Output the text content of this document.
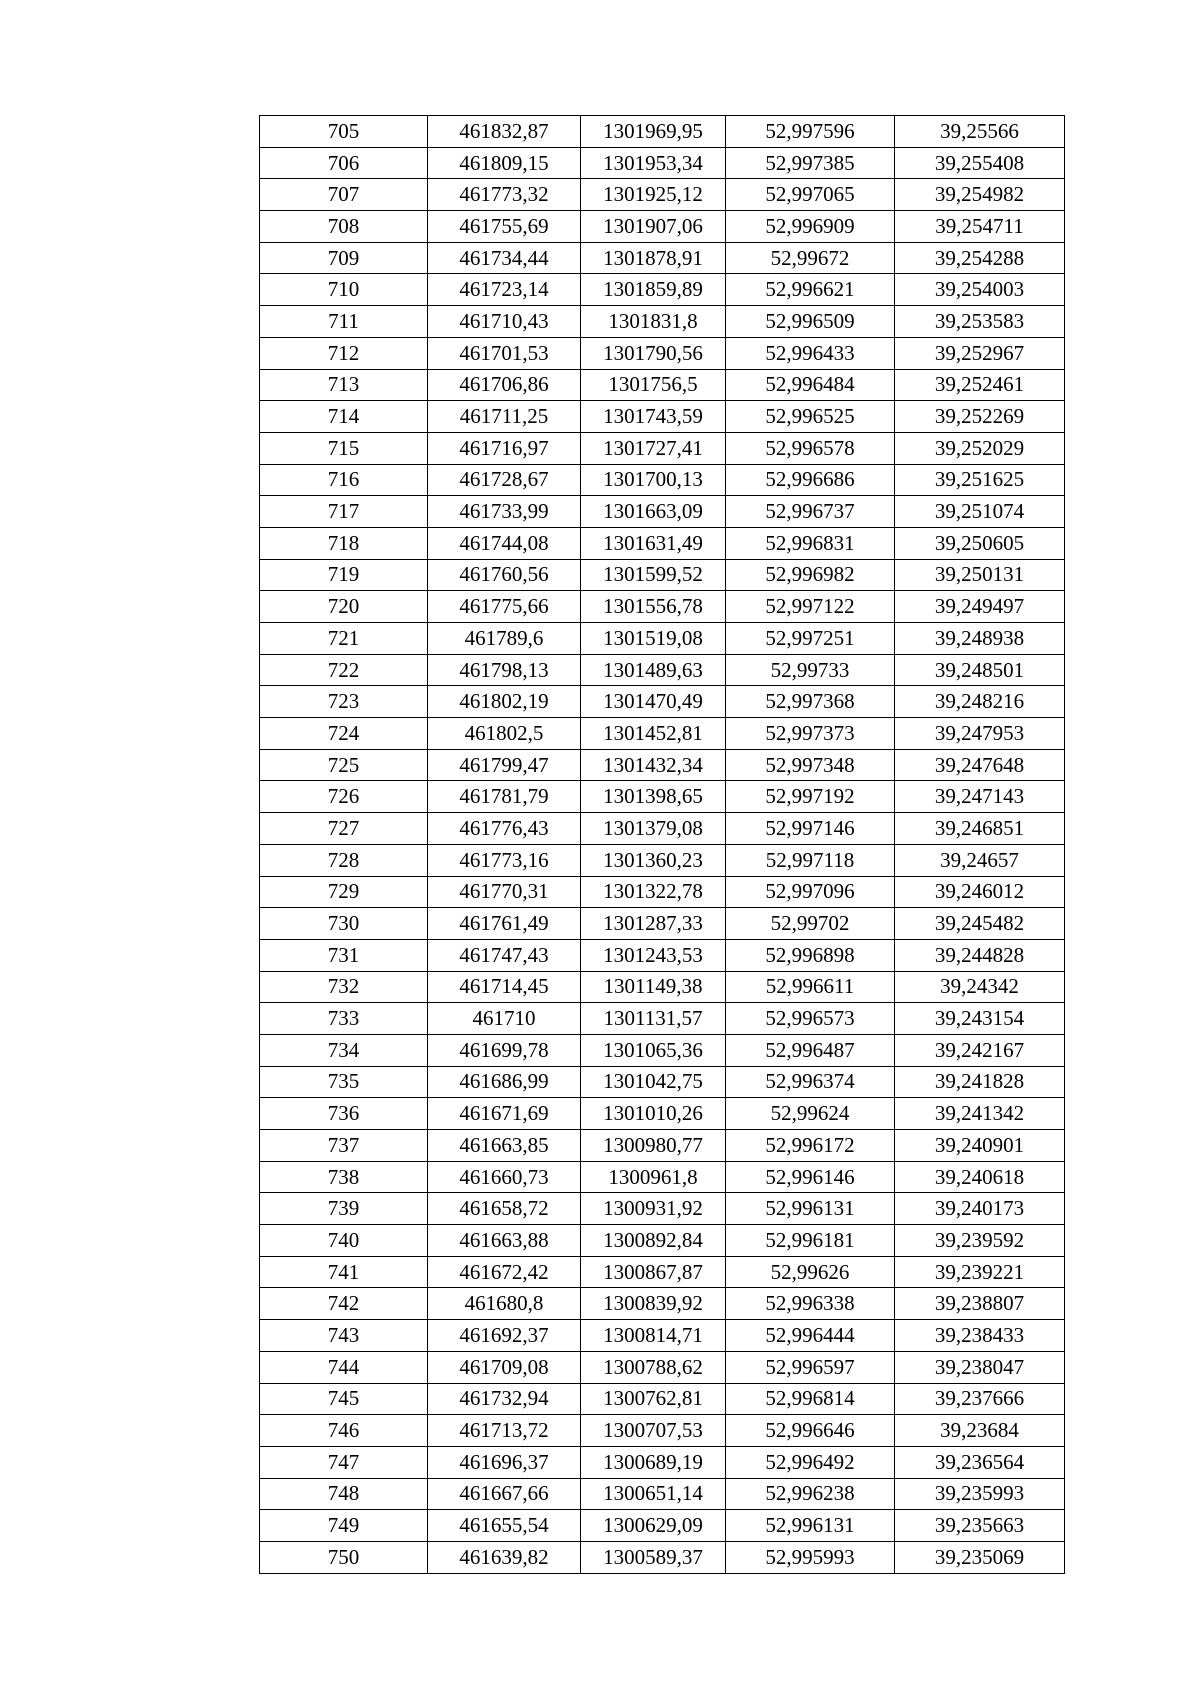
705	461832,87	1301969,95	52,997596	39,25566
706	461809,15	1301953,34	52,997385	39,255408
707	461773,32	1301925,12	52,997065	39,254982
708	461755,69	1301907,06	52,996909	39,254711
709	461734,44	1301878,91	52,99672	39,254288
710	461723,14	1301859,89	52,996621	39,254003
711	461710,43	1301831,8	52,996509	39,253583
712	461701,53	1301790,56	52,996433	39,252967
713	461706,86	1301756,5	52,996484	39,252461
714	461711,25	1301743,59	52,996525	39,252269
715	461716,97	1301727,41	52,996578	39,252029
716	461728,67	1301700,13	52,996686	39,251625
717	461733,99	1301663,09	52,996737	39,251074
718	461744,08	1301631,49	52,996831	39,250605
719	461760,56	1301599,52	52,996982	39,250131
720	461775,66	1301556,78	52,997122	39,249497
721	461789,6	1301519,08	52,997251	39,248938
722	461798,13	1301489,63	52,99733	39,248501
723	461802,19	1301470,49	52,997368	39,248216
724	461802,5	1301452,81	52,997373	39,247953
725	461799,47	1301432,34	52,997348	39,247648
726	461781,79	1301398,65	52,997192	39,247143
727	461776,43	1301379,08	52,997146	39,246851
728	461773,16	1301360,23	52,997118	39,24657
729	461770,31	1301322,78	52,997096	39,246012
730	461761,49	1301287,33	52,99702	39,245482
731	461747,43	1301243,53	52,996898	39,244828
732	461714,45	1301149,38	52,996611	39,24342
733	461710	1301131,57	52,996573	39,243154
734	461699,78	1301065,36	52,996487	39,242167
735	461686,99	1301042,75	52,996374	39,241828
736	461671,69	1301010,26	52,99624	39,241342
737	461663,85	1300980,77	52,996172	39,240901
738	461660,73	1300961,8	52,996146	39,240618
739	461658,72	1300931,92	52,996131	39,240173
740	461663,88	1300892,84	52,996181	39,239592
741	461672,42	1300867,87	52,99626	39,239221
742	461680,8	1300839,92	52,996338	39,238807
743	461692,37	1300814,71	52,996444	39,238433
744	461709,08	1300788,62	52,996597	39,238047
745	461732,94	1300762,81	52,996814	39,237666
746	461713,72	1300707,53	52,996646	39,23684
747	461696,37	1300689,19	52,996492	39,236564
748	461667,66	1300651,14	52,996238	39,235993
749	461655,54	1300629,09	52,996131	39,235663
750	461639,82	1300589,37	52,995993	39,235069
